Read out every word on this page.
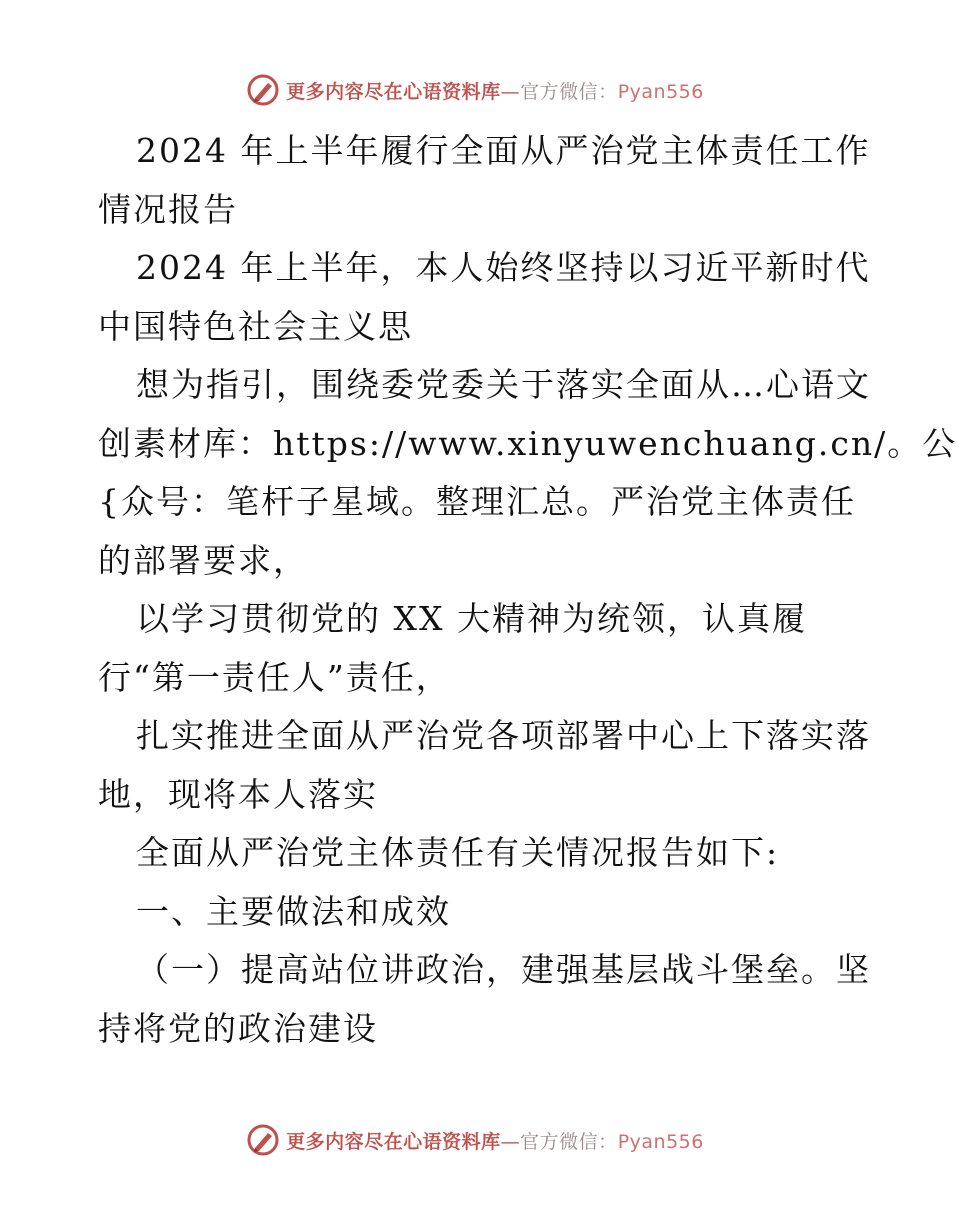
更多内容尽在心语资料库—官方微信：Pyan556
2024 年上半年履行全面从严治党主体责任工作
情况报告
2024 年上半年，本人始终坚持以习近平新时代
中国特色社会主义思
想为指引，围绕委党委关于落实全面从…心语文
创素材库：https://www.xinyuwenchuang.cn/。公
{众号：笔杆子星域。整理汇总。严治党主体责任
的部署要求，
以学习贯彻党的 XX 大精神为统领，认真履
行“第一责任人”责任，
扎实推进全面从严治党各项部署中心上下落实落
地，现将本人落实
全面从严治党主体责任有关情况报告如下:
一、主要做法和成效
（一）提高站位讲政治，建强基层战斗堡垒。坚
持将党的政治建设
更多内容尽在心语资料库—官方微信：Pyan556
